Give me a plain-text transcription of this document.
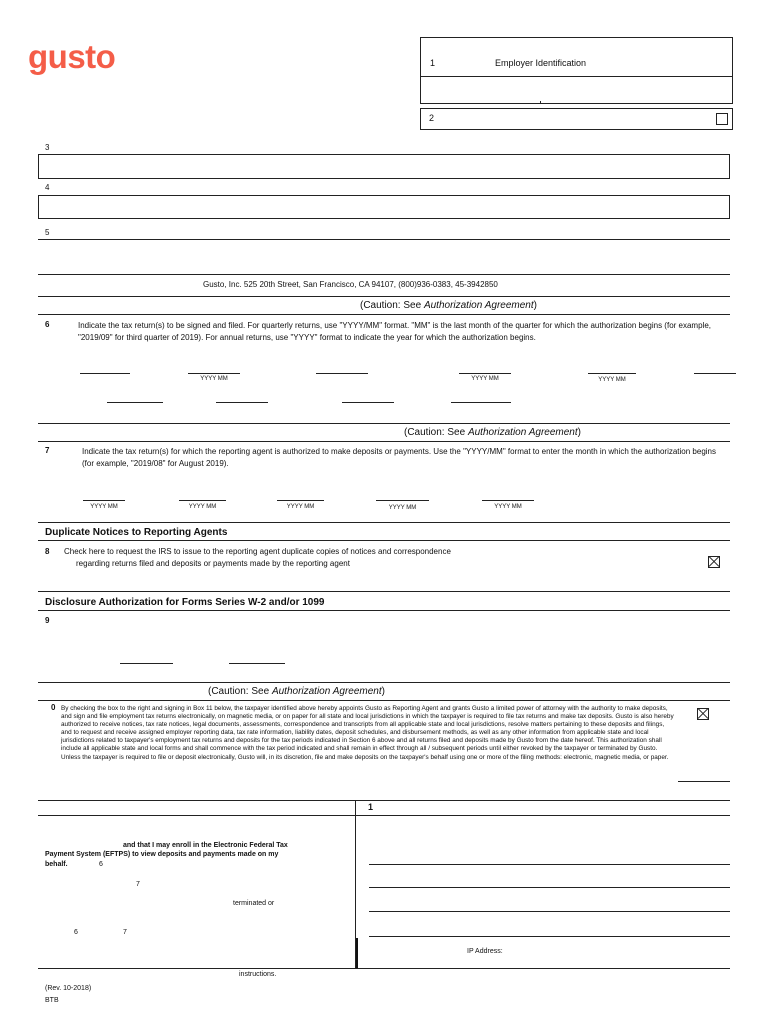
gusto	1	Employer Identification
2
3
4
5
Gusto, Inc. 525 20th Street, San Francisco, CA 94107, (800)936-0383, 45-3942850
(Caution: See Authorization Agreement)
6	Indicate the tax return(s) to be signed and filed. For quarterly returns, use "YYYY/MM" format. "MM" is the last month of the quarter for which the authorization begins (for example, "2019/09" for third quarter of 2019). For annual returns, use "YYYY" format to indicate the year for which the authorization begins.
YYYY MM	YYYY MM	YYYY MM
(Caution: See Authorization Agreement)
7	Indicate the tax return(s) for which the reporting agent is authorized to make deposits or payments. Use the "YYYY/MM" format to enter the month in which the authorization begins (for example, "2019/08" for August 2019).
YYYY MM	YYYY MM	YYYY MM	YYYY MM	YYYY MM
Duplicate Notices to Reporting Agents
8 Check here to request the IRS to issue to the reporting agent duplicate copies of notices and correspondence
regarding returns filed and deposits or payments made by the reporting agent
Disclosure Authorization for Forms Series W-2 and/or 1099
9
(Caution: See Authorization Agreement)
0 By checking the box to the right and signing in Box 11 below, the taxpayer identified above hereby appoints Gusto as Reporting Agent and grants Gusto a limited power of attorney with the authority to make deposits, and sign and file employment tax returns electronically, on magnetic media, or on paper for all state and local jurisdictions in which the taxpayer is required to file tax returns and make tax deposits. Gusto is also hereby authorized to receive notices, tax rate notices, legal documents, assessments, correspondence and transcripts from all applicable state and local jurisdictions, resolve matters pertaining to these deposits and filings, and to request and receive assigned employer reporting data, tax rate information, liability dates, deposit schedules, and disbursement methods, as well as any other information from applicable state and local jurisdictions related to taxpayer's employment tax returns and deposits for the tax periods indicated in Section 6 above and all returns filed and deposits made by Gusto from the date hereof. This authorization shall include all applicable state and local forms and shall commence with the tax period indicated and shall remain in effect through all / subsequent periods until either revoked by the taxpayer or terminated by Gusto. Unless the taxpayer is required to file or deposit electronically, Gusto will, in its discretion, file and make deposits on the taxpayer's behalf using one or more of the filing methods: electronic, magnetic media, or paper.
1
and that I may enroll in the Electronic Federal Tax
Payment System (EFTPS) to view deposits and payments made on my
behalf.	6
7
terminated or
6	7
IP Address:
instructions.
(Rev. 10-2018)
BTB
